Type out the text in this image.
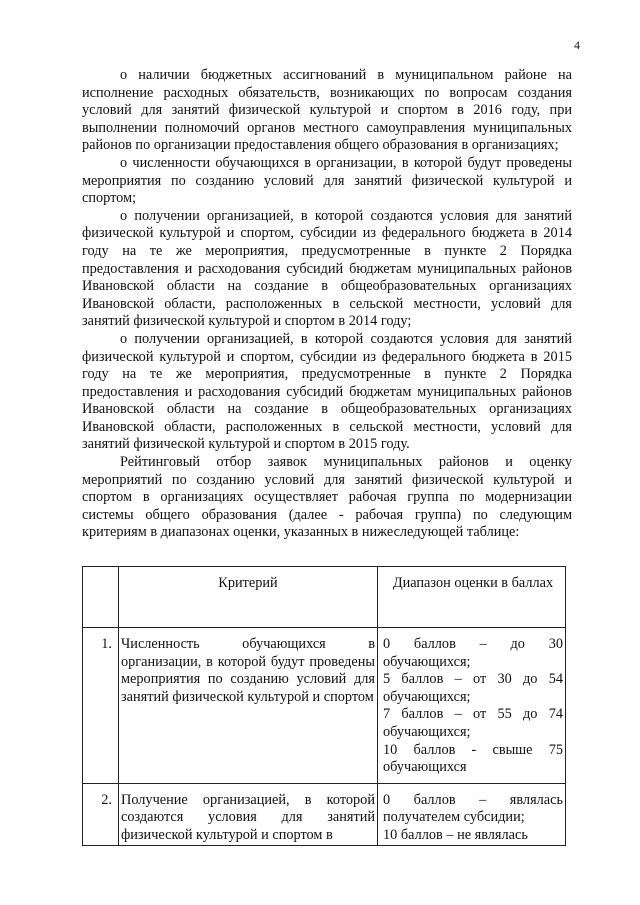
4

о наличии бюджетных ассигнований в муниципальном районе на исполнение расходных обязательств, возникающих по вопросам создания условий для занятий физической культурой и спортом в 2016 году, при выполнении полномочий органов местного самоуправления муниципальных районов по организации предоставления общего образования в организациях;

о численности обучающихся в организации, в которой будут проведены мероприятия по созданию условий для занятий физической культурой и спортом;

о получении организацией, в которой создаются условия для занятий физической культурой и спортом, субсидии из федерального бюджета в 2014 году на те же мероприятия, предусмотренные в пункте 2 Порядка предоставления и расходования субсидий бюджетам муниципальных районов Ивановской области на создание в общеобразовательных организациях Ивановской области, расположенных в сельской местности, условий для занятий физической культурой и спортом в 2014 году;

о получении организацией, в которой создаются условия для занятий физической культурой и спортом, субсидии из федерального бюджета в 2015 году на те же мероприятия, предусмотренные в пункте 2 Порядка предоставления и расходования субсидий бюджетам муниципальных районов Ивановской области на создание в общеобразовательных организациях Ивановской области, расположенных в сельской местности, условий для занятий физической культурой и спортом в 2015 году.

Рейтинговый отбор заявок муниципальных районов и оценку мероприятий по созданию условий для занятий физической культурой и спортом в организациях осуществляет рабочая группа по модернизации системы общего образования (далее - рабочая группа) по следующим критериям в диапазонах оценки, указанных в нижеследующей таблице:

	Критерий	Диапазон оценки в баллах
1.	Численность обучающихся в организации, в которой будут проведены мероприятия по созданию условий для занятий физической культурой и спортом	0 баллов – до 30 обучающихся;
5 баллов – от 30 до 54 обучающихся;
7 баллов – от 55 до 74 обучающихся;
10 баллов - свыше 75 обучающихся

2.	Получение организацией, в которой создаются условия для занятий физической культурой и спортом в	0 баллов – являлась получателем субсидии;
10 баллов – не являлась
